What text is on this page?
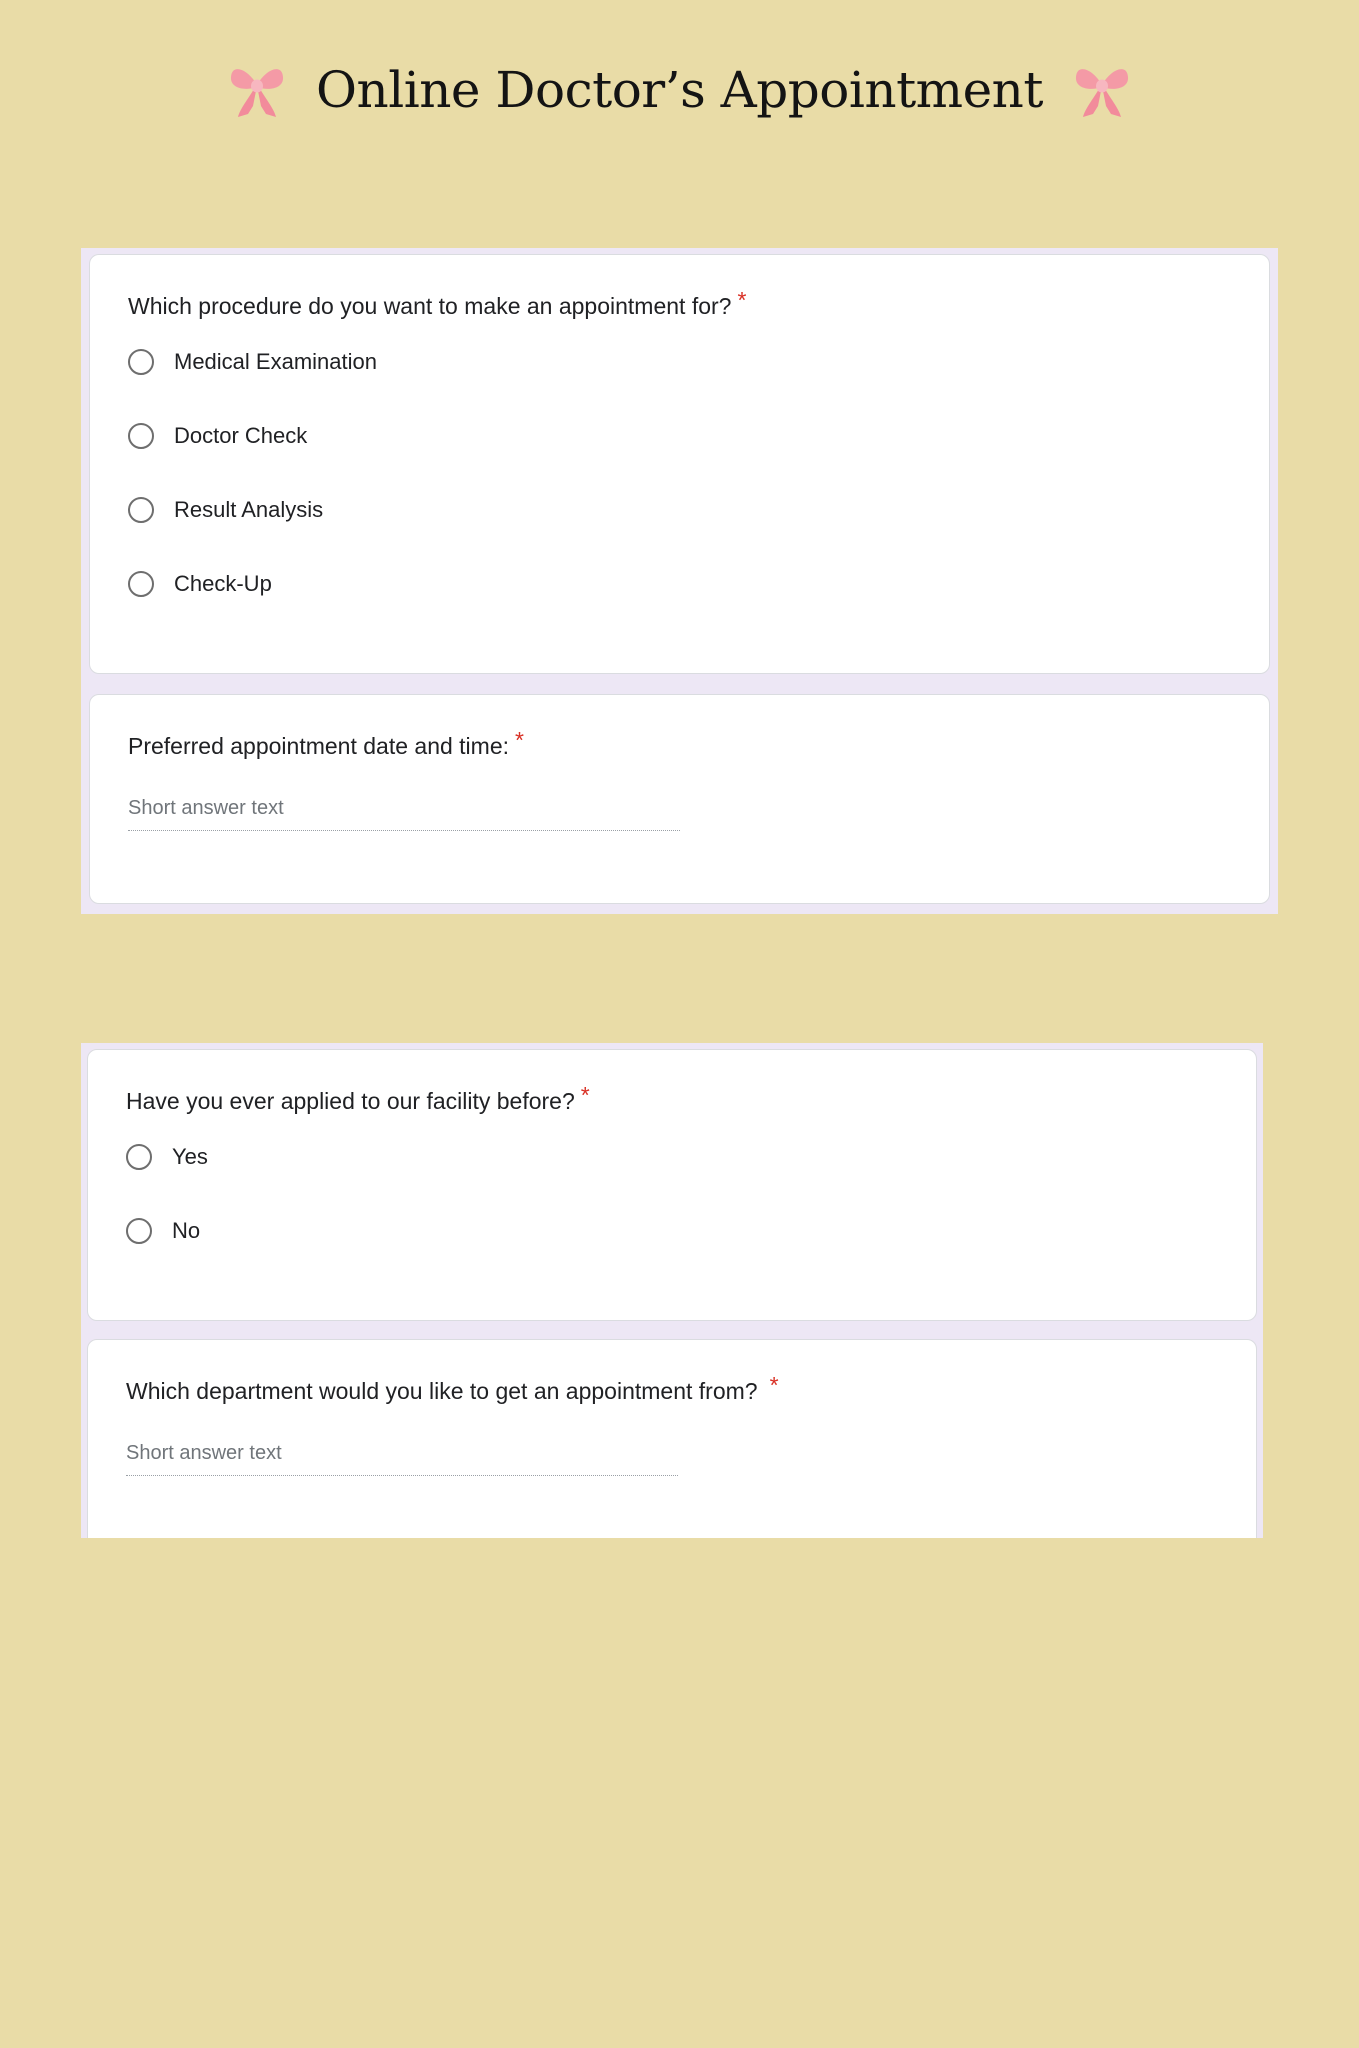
Online Doctor’s Appointment
Which procedure do you want to make an appointment for? *
Medical Examination
Doctor Check
Result Analysis
Check-Up
Preferred appointment date and time: *
Short answer text
Have you ever applied to our facility before? *
Yes
No
Which department would you like to get an appointment from? *
Short answer text
